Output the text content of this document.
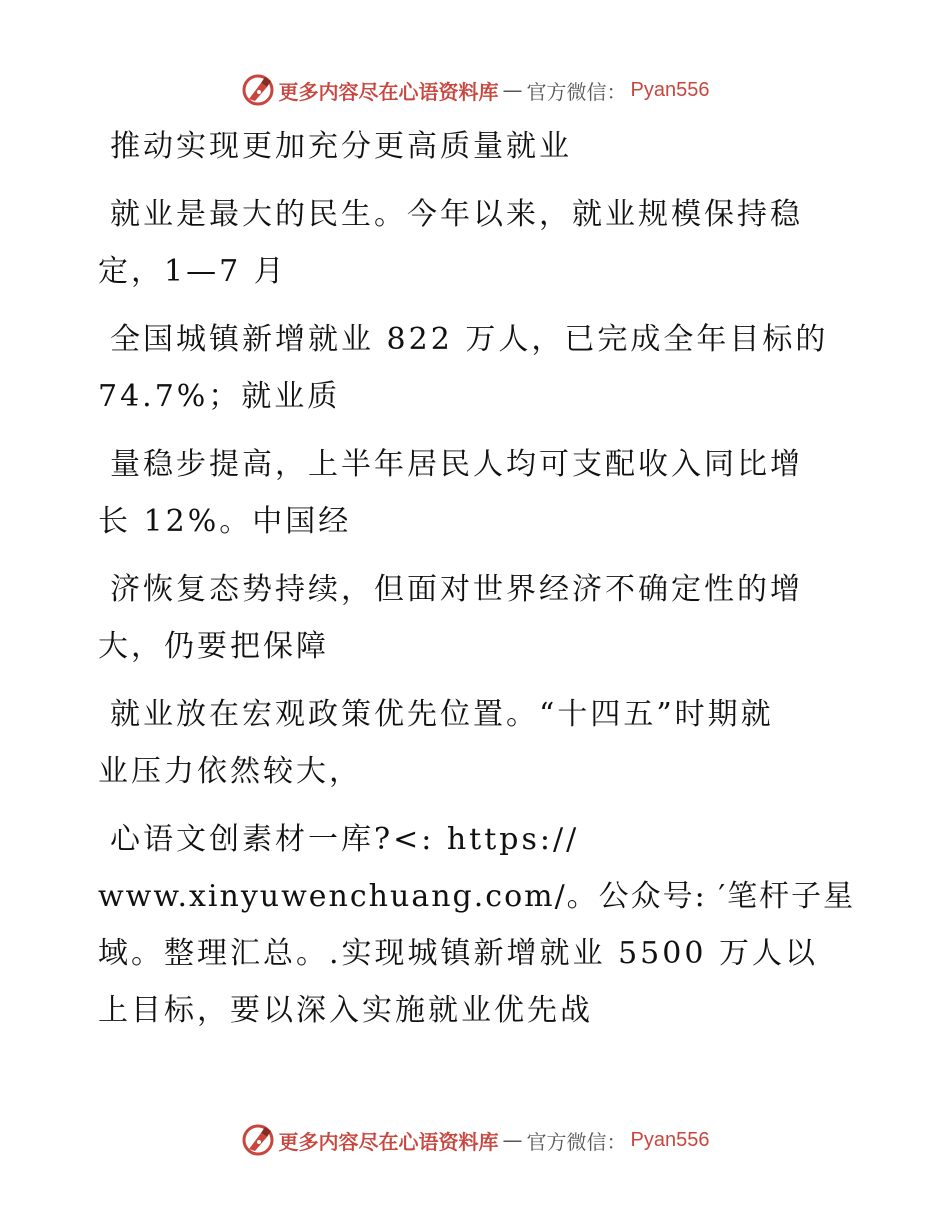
更多内容尽在心语资料库 — 官方微信： Pyan556
推动实现更加充分更高质量就业
就业是最大的民生。今年以来，就业规模保持稳
定，1—7 月
全国城镇新增就业 822 万人，已完成全年目标的
74.7%；就业质
量稳步提高，上半年居民人均可支配收入同比增
长 12%。中国经
济恢复态势持续，但面对世界经济不确定性的增
大，仍要把保障
就业放在宏观政策优先位置。“十四五”时期就
业压力依然较大，
心语文创素材一库?<: https://
www.xinyuwenchuang.com/。公众号: ′笔杆子星
域。整理汇总。.实现城镇新增就业 5500 万人以
上目标，要以深入实施就业优先战
更多内容尽在心语资料库 — 官方微信： Pyan556
